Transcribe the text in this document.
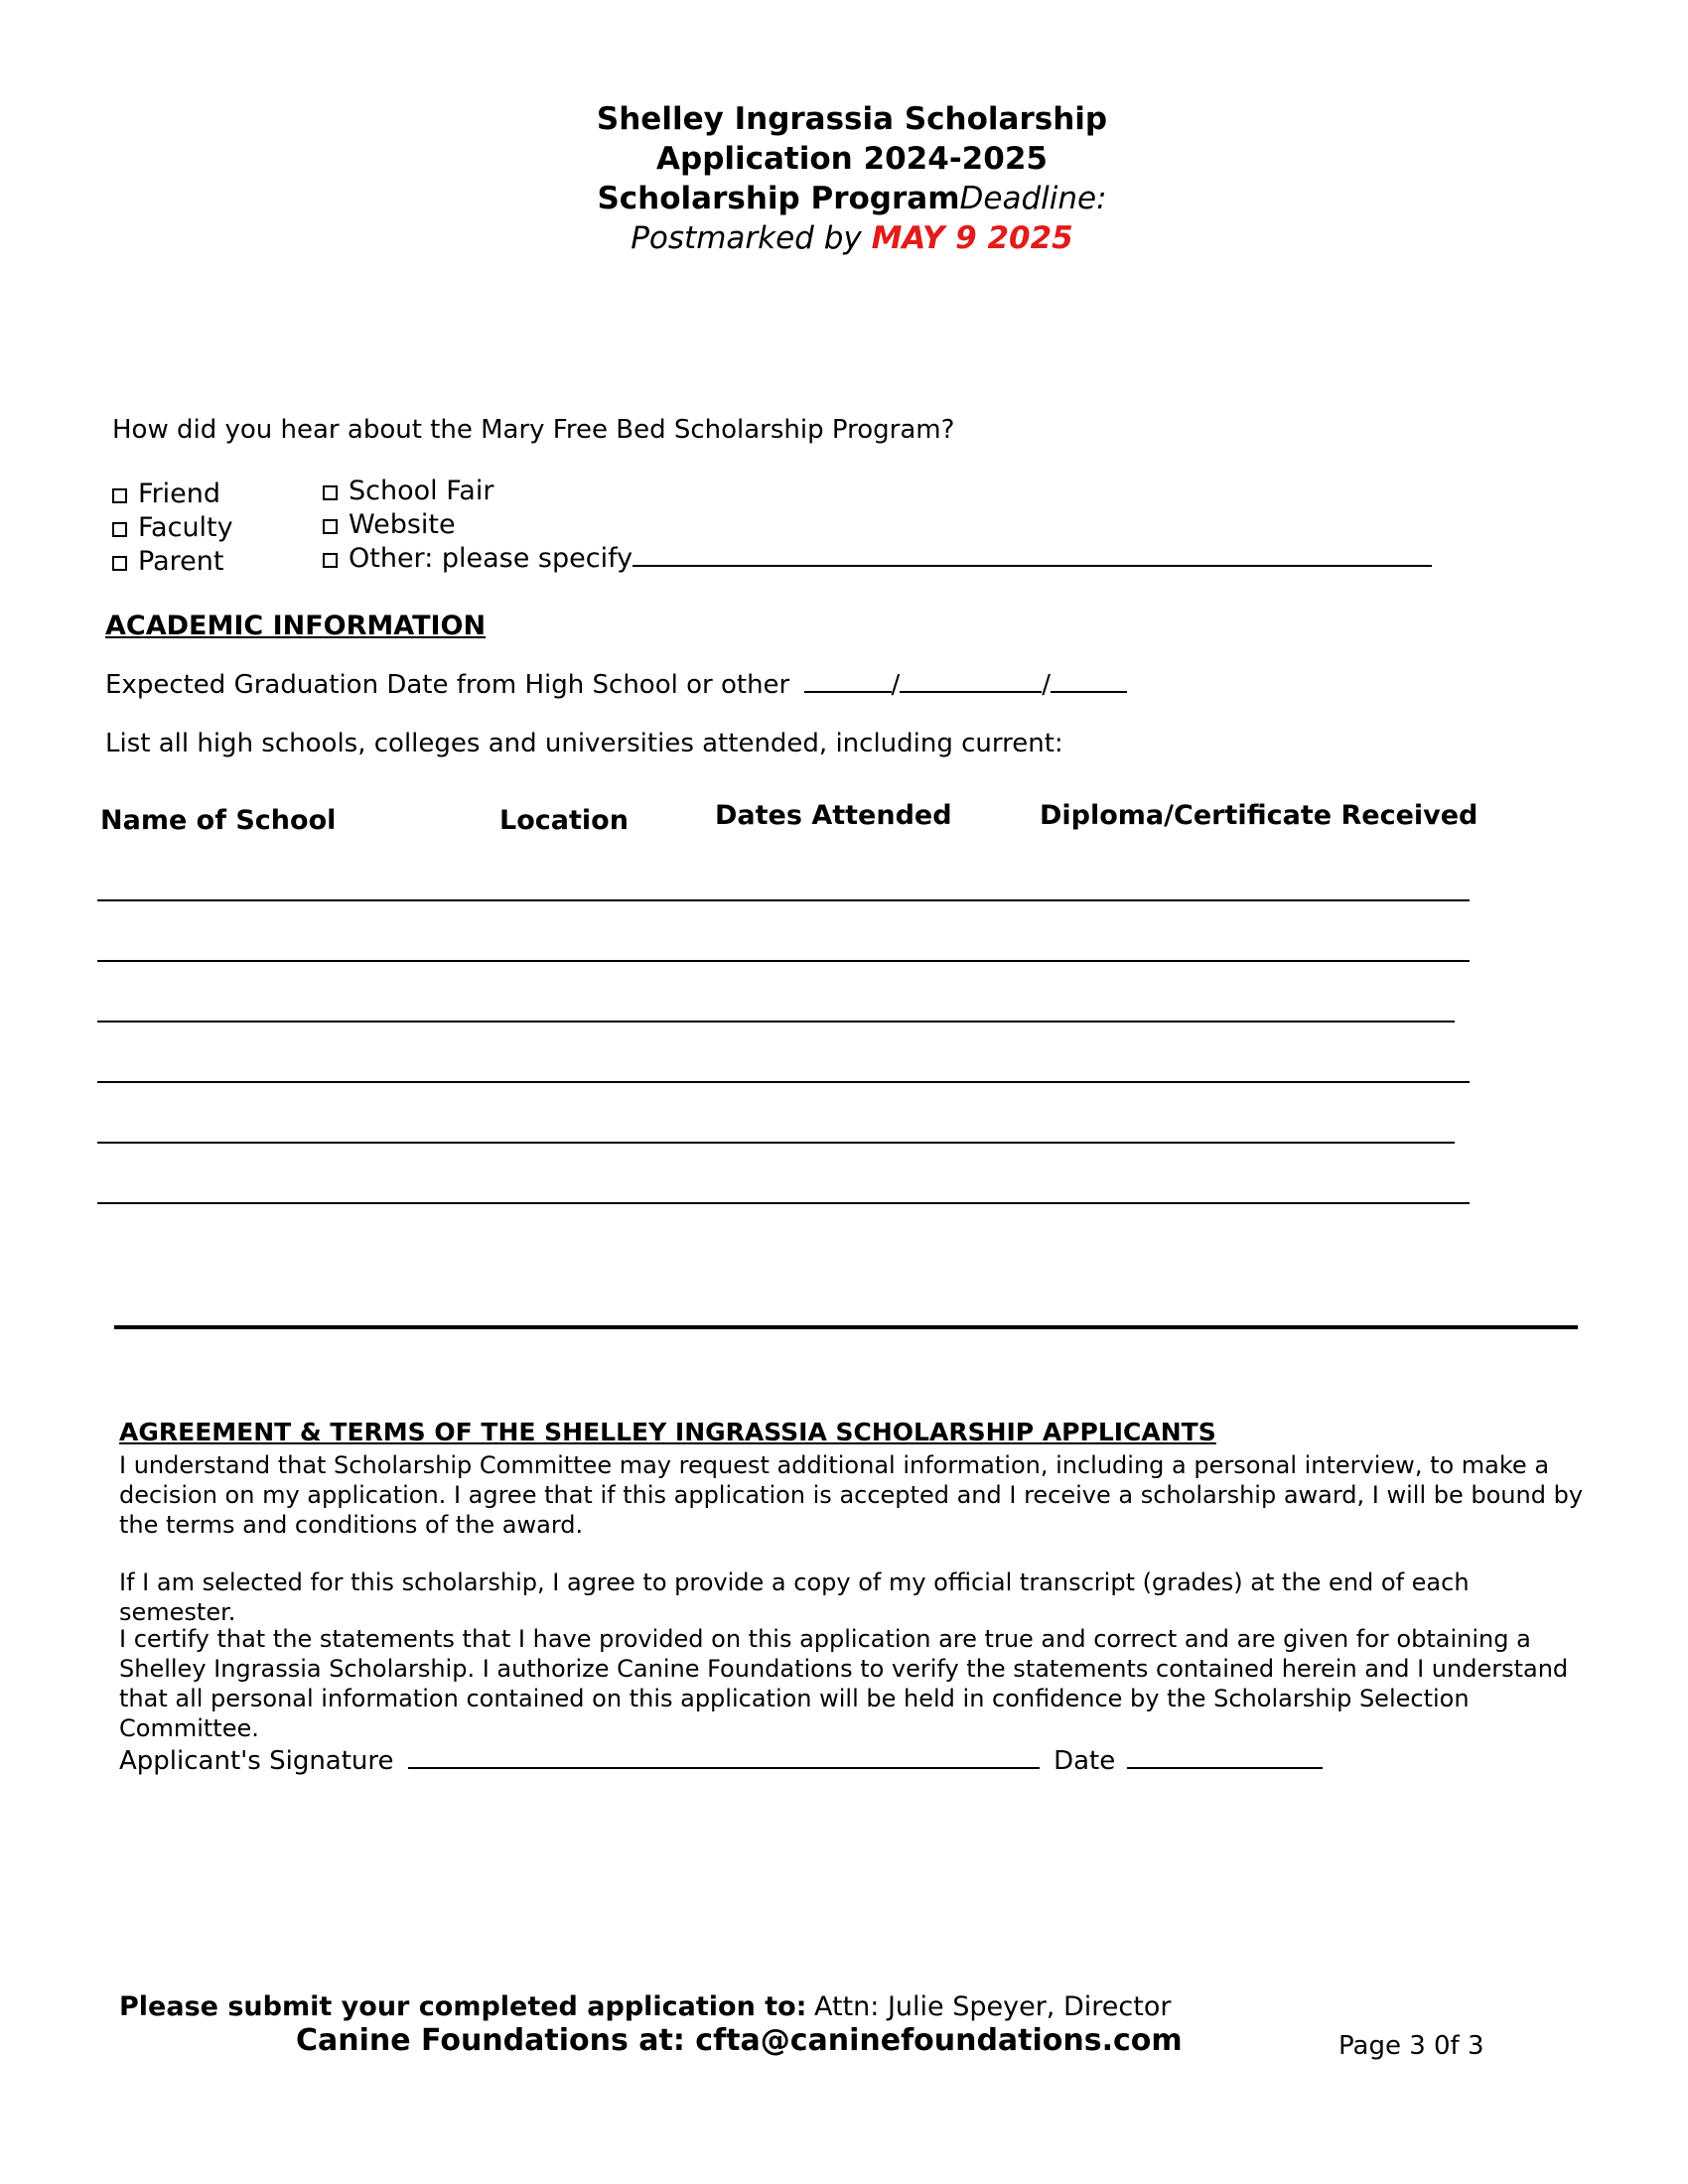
Shelley Ingrassia Scholarship
Application 2024-2025
Scholarship ProgramDeadline:
Postmarked by MAY 9 2025
How did you hear about the Mary Free Bed Scholarship Program?
Friend
Faculty
Parent
School Fair
Website
Other: please specify
ACADEMIC INFORMATION
Expected Graduation Date from High School or other	/	/
List all high schools, colleges and universities attended, including current:
Name of School	Location	Dates Attended	Diploma/Certificate Received
AGREEMENT & TERMS OF THE SHELLEY INGRASSIA SCHOLARSHIP APPLICANTS
I understand that Scholarship Committee may request additional information, including a personal interview, to make a decision on my application. I agree that if this application is accepted and I receive a scholarship award, I will be bound by the terms and conditions of the award.
If I am selected for this scholarship, I agree to provide a copy of my official transcript (grades) at the end of each semester.
I certify that the statements that I have provided on this application are true and correct and are given for obtaining a Shelley Ingrassia Scholarship. I authorize Canine Foundations to verify the statements contained herein and I understand that all personal information contained on this application will be held in confidence by the Scholarship Selection Committee.
Applicant's Signature	Date
Please submit your completed application to: Attn: Julie Speyer, Director
Canine Foundations at: cfta@caninefoundations.com	Page 3 0f 3
